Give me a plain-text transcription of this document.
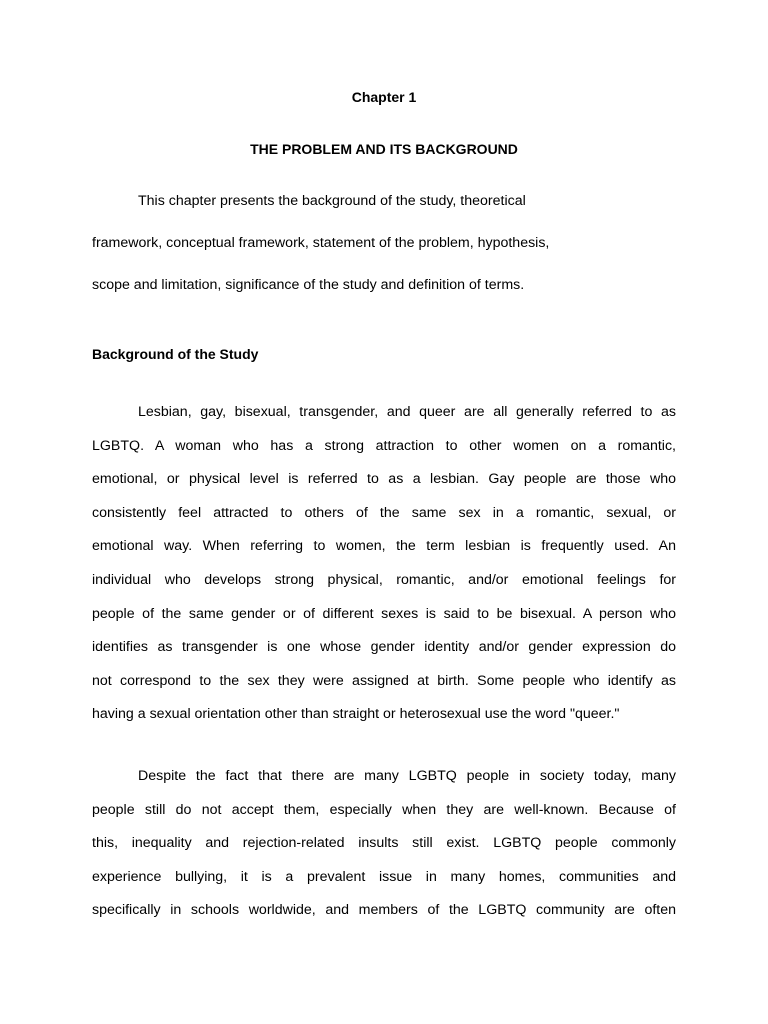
Chapter 1
THE PROBLEM AND ITS BACKGROUND
This chapter presents the background of the study, theoretical
framework, conceptual framework, statement of the problem, hypothesis,
scope and limitation, significance of the study and definition of terms.
Background of the Study
Lesbian, gay, bisexual, transgender, and queer are all generally referred to as
LGBTQ. A woman who has a strong attraction to other women on a romantic,
emotional, or physical level is referred to as a lesbian. Gay people are those who
consistently feel attracted to others of the same sex in a romantic, sexual, or
emotional way. When referring to women, the term lesbian is frequently used. An
individual who develops strong physical, romantic, and/or emotional feelings for
people of the same gender or of different sexes is said to be bisexual. A person who
identifies as transgender is one whose gender identity and/or gender expression do
not correspond to the sex they were assigned at birth. Some people who identify as
having a sexual orientation other than straight or heterosexual use the word "queer."
Despite the fact that there are many LGBTQ people in society today, many
people still do not accept them, especially when they are well-known. Because of
this, inequality and rejection-related insults still exist. LGBTQ people commonly
experience bullying, it is a prevalent issue in many homes, communities and
specifically in schools worldwide, and members of the LGBTQ community are often
